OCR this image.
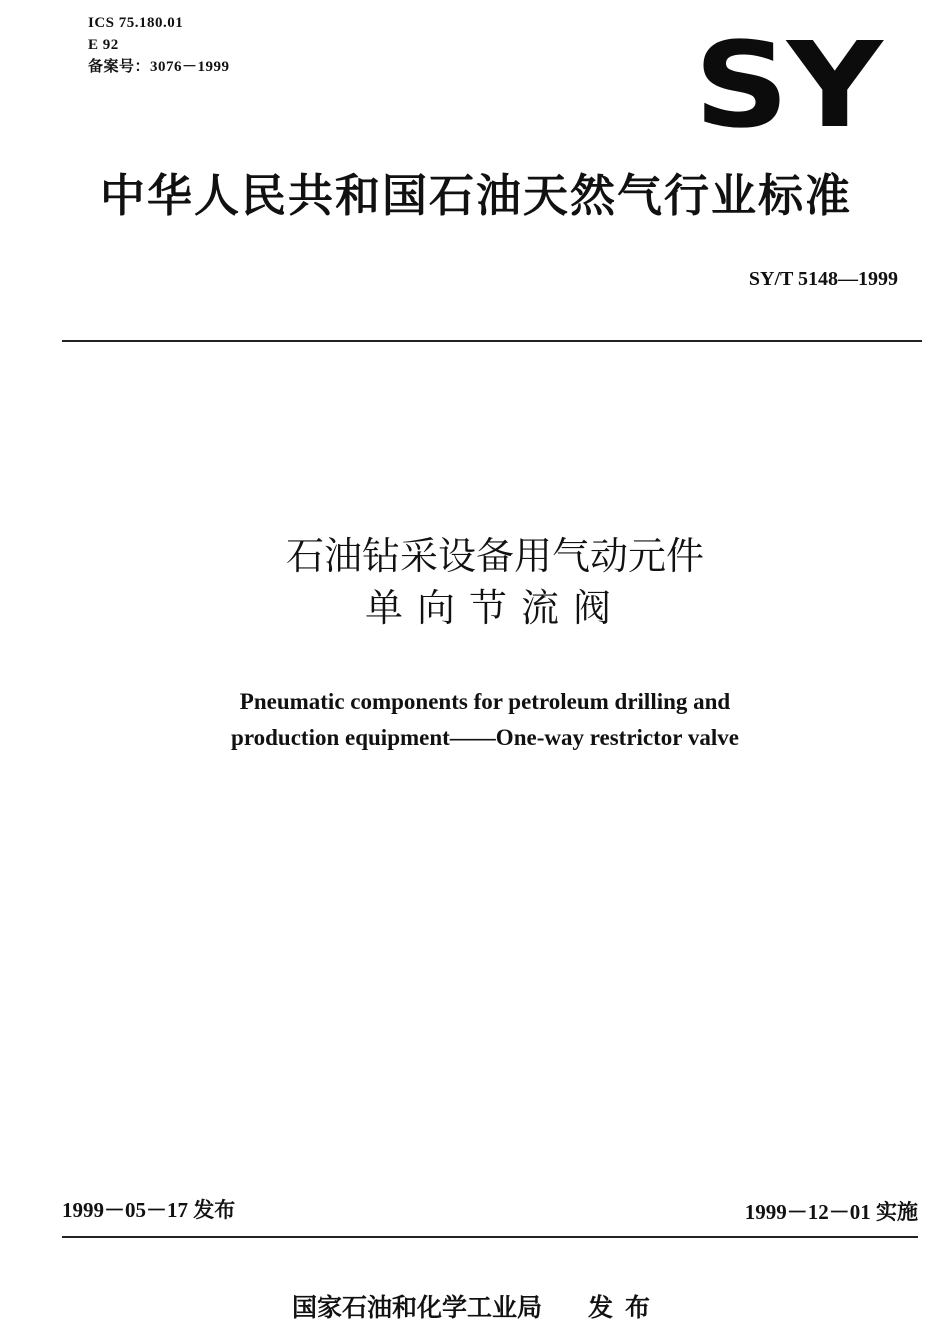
ICS 75.180.01
E 92
备案号：3076－1999	SY
中华人民共和国石油天然气行业标准
SY/T 5148—1999
石油钻采设备用气动元件
单向节流阀
Pneumatic components for petroleum drilling and
production equipment——One-way restrictor valve
1999－05－17 发布	1999－12－01 实施
国家石油和化学工业局 发布
